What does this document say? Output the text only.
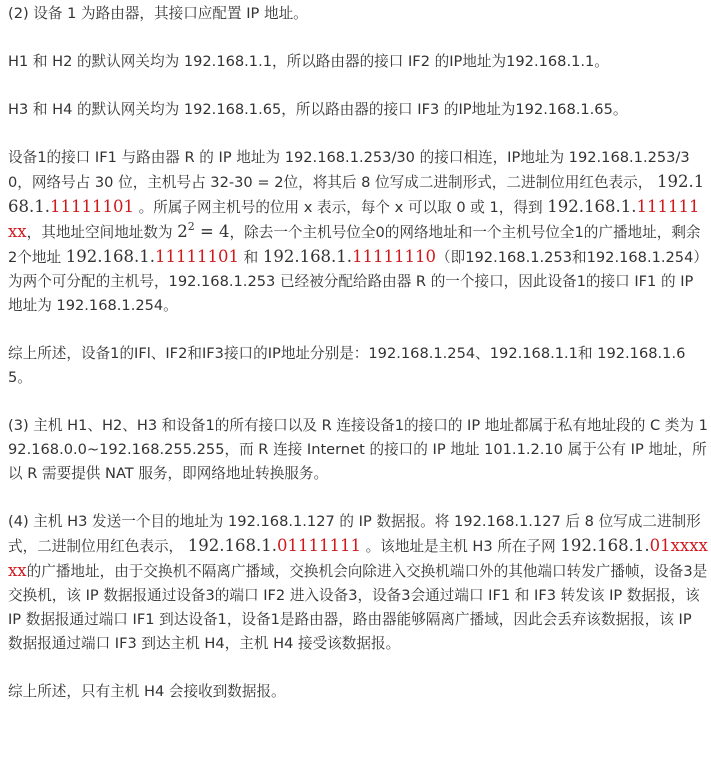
(2) 设备 1 为路由器，其接口应配置 IP 地址。

H1 和 H2 的默认网关均为 192.168.1.1，所以路由器的接口 IF2 的IP地址为192.168.1.1。

H3 和 H4 的默认网关均为 192.168.1.65，所以路由器的接口 IF3 的IP地址为192.168.1.65。

设备1的接口 IF1 与路由器 R 的 IP 地址为 192.168.1.253/30 的接口相连，IP地址为 192.168.1.253/30，网络号占 30 位，主机号占 32-30 = 2位，将其后 8 位写成二进制形式，二进制位用红色表示， 192.168.1.11111101 。所属子网主机号的位用 x 表示，每个 x 可以取 0 或 1，得到 192.168.1.111111xx，其地址空间地址数为 $2^2 = 4$，除去一个主机号位全0的网络地址和一个主机号位全1的广播地址，剩余2个地址 192.168.1.11111101 和 192.168.1.11111110（即192.168.1.253和192.168.1.254）为两个可分配的主机号，192.168.1.253 已经被分配给路由器 R 的一个接口，因此设备1的接口 IF1 的 IP 地址为 192.168.1.254。

综上所述，设备1的IFl、IF2和IF3接口的IP地址分别是：192.168.1.254、192.168.1.1和 192.168.1.65。

(3) 主机 H1、H2、H3 和设备1的所有接口以及 R 连接设备1的接口的 IP 地址都属于私有地址段的 C 类为 192.168.0.0~192.168.255.255，而 R 连接 Internet 的接口的 IP 地址 101.1.2.10 属于公有 IP 地址，所以 R 需要提供 NAT 服务，即网络地址转换服务。

(4) 主机 H3 发送一个目的地址为 192.168.1.127 的 IP 数据报。将 192.168.1.127 后 8 位写成二进制形式，二进制位用红色表示， 192.168.1.01111111 。该地址是主机 H3 所在子网 192.168.1.01xxxxxx的广播地址，由于交换机不隔离广播域，交换机会向除进入交换机端口外的其他端口转发广播帧，设备3是交换机，该 IP 数据报通过设备3的端口 IF2 进入设备3，设备3会通过端口 IF1 和 IF3 转发该 IP 数据报，该 IP 数据报通过端口 IF1 到达设备1，设备1是路由器，路由器能够隔离广播域，因此会丢弃该数据报，该 IP 数据报通过端口 IF3 到达主机 H4，主机 H4 接受该数据报。

综上所述，只有主机 H4 会接收到数据报。
